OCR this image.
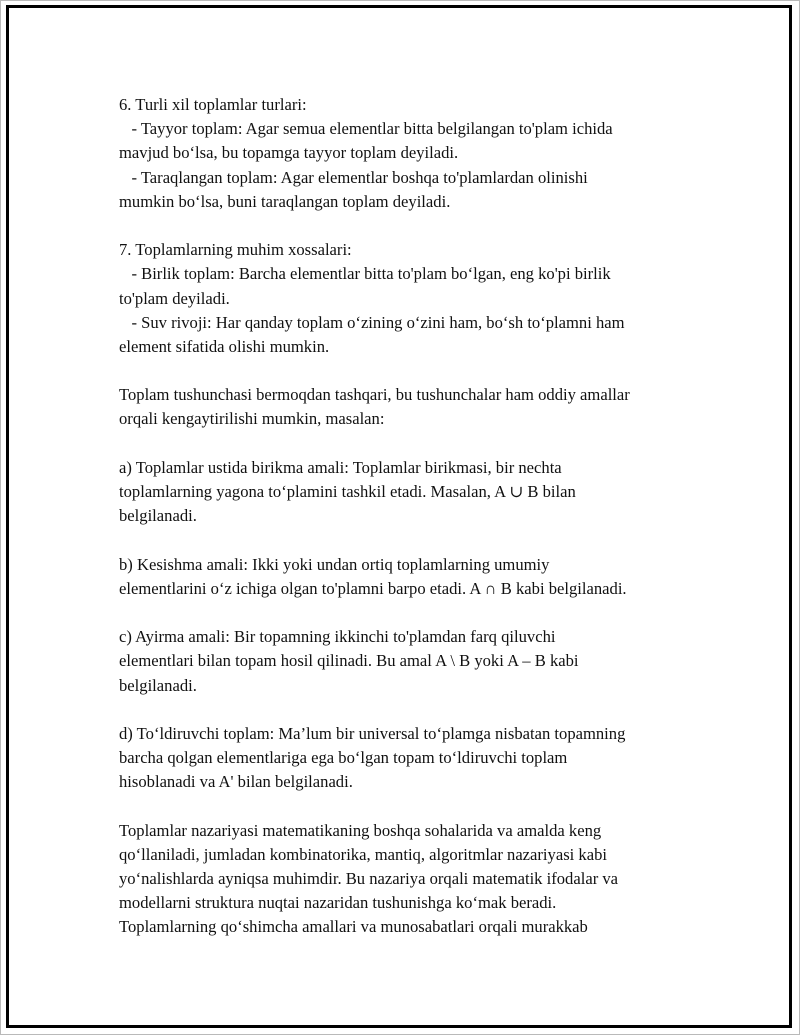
6. Turli xil toplamlar turlari:
- Tayyor toplam: Agar semua elementlar bitta belgilangan to'plam ichida
mavjud bo‘lsa, bu topamga tayyor toplam deyiladi.
- Taraqlangan toplam: Agar elementlar boshqa to'plamlardan olinishi
mumkin bo‘lsa, buni taraqlangan toplam deyiladi.
7. Toplamlarning muhim xossalari:
- Birlik toplam: Barcha elementlar bitta to'plam bo‘lgan, eng ko'pi birlik
to'plam deyiladi.
- Suv rivoji: Har qanday toplam o‘zining o‘zini ham, bo‘sh to‘plamni ham
element sifatida olishi mumkin.
Toplam tushunchasi bermoqdan tashqari, bu tushunchalar ham oddiy amallar
orqali kengaytirilishi mumkin, masalan:
a) Toplamlar ustida birikma amali: Toplamlar birikmasi, bir nechta
toplamlarning yagona to‘plamini tashkil etadi. Masalan, A ∪ B bilan
belgilanadi.
b) Kesishma amali: Ikki yoki undan ortiq toplamlarning umumiy
elementlarini o‘z ichiga olgan to'plamni barpo etadi. A ∩ B kabi belgilanadi.
c) Ayirma amali: Bir topamning ikkinchi to'plamdan farq qiluvchi
elementlari bilan topam hosil qilinadi. Bu amal A \ B yoki A – B kabi
belgilanadi.
d) To‘ldiruvchi toplam: Ma’lum bir universal to‘plamga nisbatan topamning
barcha qolgan elementlariga ega bo‘lgan topam to‘ldiruvchi toplam
hisoblanadi va A' bilan belgilanadi.
Toplamlar nazariyasi matematikaning boshqa sohalarida va amalda keng
qo‘llaniladi, jumladan kombinatorika, mantiq, algoritmlar nazariyasi kabi
yo‘nalishlarda ayniqsa muhimdir. Bu nazariya orqali matematik ifodalar va
modellarni struktura nuqtai nazaridan tushunishga ko‘mak beradi.
Toplamlarning qo‘shimcha amallari va munosabatlari orqali murakkab
